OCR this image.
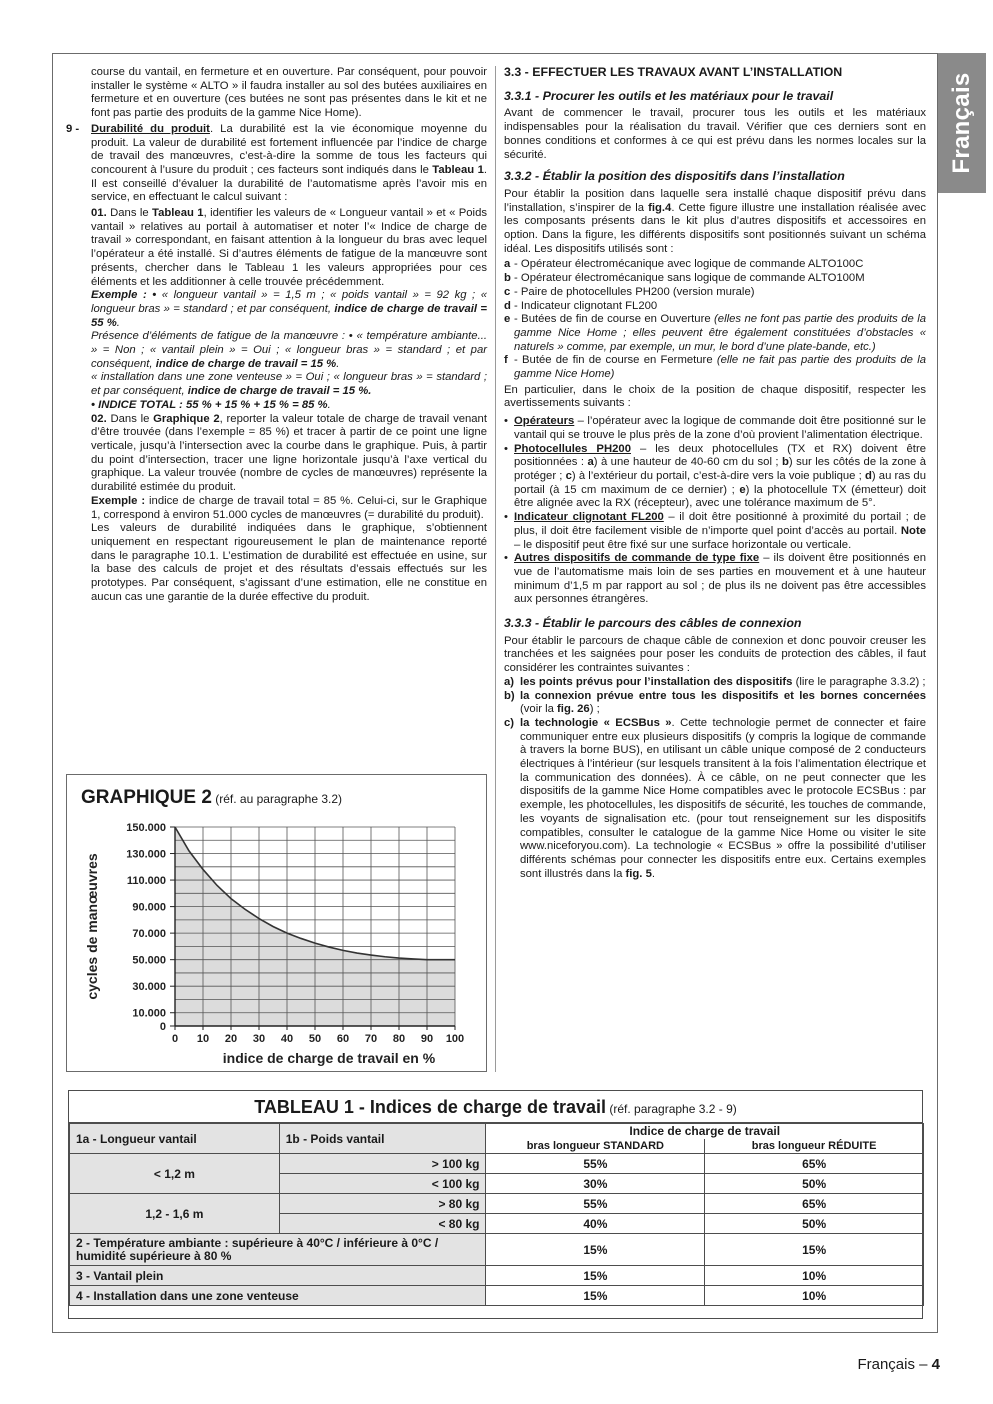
Français

course du vantail, en fermeture et en ouverture. Par conséquent, pour pouvoir installer le système « ALTO » il faudra installer au sol des butées auxiliaires en fermeture et en ouverture (ces butées ne sont pas présentes dans le kit et ne font pas partie des produits de la gamme Nice Home).

9 - Durabilité du produit. La durabilité est la vie économique moyenne du produit. La valeur de durabilité est fortement influencée par l’indice de charge de travail des manœuvres, c’est-à-dire la somme de tous les facteurs qui concourent à l’usure du produit ; ces facteurs sont indiqués dans le Tableau 1. Il est conseillé d’évaluer la durabilité de l’automatisme après l’avoir mis en service, en effectuant le calcul suivant :

01. Dans le Tableau 1, identifier les valeurs de « Longueur vantail » et « Poids vantail » relatives au portail à automatiser et noter l’« Indice de charge de travail » correspondant, en faisant attention à la longueur du bras avec lequel l’opérateur a été installé. Si d’autres éléments de fatigue de la manœuvre sont présents, chercher dans le Tableau 1 les valeurs appropriées pour ces éléments et les additionner à celle trouvée précédemment.

Exemple : • « longueur vantail » = 1,5 m ; « poids vantail » = 92 kg ; « longueur bras » = standard ; et par conséquent, indice de charge de travail = 55 %.

Présence d’éléments de fatigue de la manœuvre : • « température ambiante... » = Non ; « vantail plein » = Oui ; « longueur bras » = standard ; et par conséquent, indice de charge de travail = 15 %.

« installation dans une zone venteuse » = Oui ; « longueur bras » = standard ; et par conséquent, indice de charge de travail = 15 %.

• INDICE TOTAL : 55 % + 15 % + 15 % = 85 %.

02. Dans le Graphique 2, reporter la valeur totale de charge de travail venant d’être trouvée (dans l’exemple = 85 %) et tracer à partir de ce point une ligne verticale, jusqu’à l’intersection avec la courbe dans le graphique. Puis, à partir du point d’intersection, tracer une ligne horizontale jusqu’à l’axe vertical du graphique. La valeur trouvée (nombre de cycles de manœuvres) représente la durabilité estimée du produit.

Exemple : indice de charge de travail total = 85 %. Celui-ci, sur le Graphique 1, correspond à environ 51.000 cycles de manœuvres (= durabilité du produit).

Les valeurs de durabilité indiquées dans le graphique, s’obtiennent uniquement en respectant rigoureusement le plan de maintenance reporté dans le paragraphe 10.1. L’estimation de durabilité est effectuée en usine, sur la base des calculs de projet et des résultats d’essais effectués sur les prototypes. Par conséquent, s’agissant d’une estimation, elle ne constitue en aucun cas une garantie de la durée effective du produit.

GRAPHIQUE 2 (réf. au paragraphe 3.2)
0
10.000
30.000
50.000
70.000
90.000
110.000
130.000
150.000
0 10 20 30 40 50 60 70 80 90 100
indice de charge de travail en %
cycles de manœuvres
3.3 - EFFECTUER LES TRAVAUX AVANT L’INSTALLATION
3.3.1 - Procurer les outils et les matériaux pour le travail

Avant de commencer le travail, procurer tous les outils et les matériaux indispensables pour la réalisation du travail. Vérifier que ces derniers sont en bonnes conditions et conformes à ce qui est prévu dans les normes locales sur la sécurité.

3.3.2 - Établir la position des dispositifs dans l’installation

Pour établir la position dans laquelle sera installé chaque dispositif prévu dans l’installation, s’inspirer de la fig.4. Cette figure illustre une installation réalisée avec les composants présents dans le kit plus d’autres dispositifs et accessoires en option. Dans la figure, les différents dispositifs sont positionnés suivant un schéma idéal. Les dispositifs utilisés sont :

a - Opérateur électromécanique avec logique de commande ALTO100C
b - Opérateur électromécanique sans logique de commande ALTO100M
c - Paire de photocellules PH200 (version murale)
d - Indicateur clignotant FL200
e - Butées de fin de course en Ouverture (elles ne font pas partie des produits de la gamme Nice Home ; elles peuvent être également constituées d’obstacles « naturels » comme, par exemple, un mur, le bord d’une plate-bande, etc.)
f - Butée de fin de course en Fermeture (elle ne fait pas partie des produits de la gamme Nice Home)

En particulier, dans le choix de la position de chaque dispositif, respecter les avertissements suivants :

• Opérateurs – l’opérateur avec la logique de commande doit être positionné sur le vantail qui se trouve le plus près de la zone d’où provient l’alimentation électrique.
• Photocellules PH200 – les deux photocellules (TX et RX) doivent être positionnées : a) à une hauteur de 40-60 cm du sol ; b) sur les côtés de la zone à protéger ; c) à l’extérieur du portail, c’est-à-dire vers la voie publique ; d) au ras du portail (à 15 cm maximum de ce dernier) ; e) la photocellule TX (émetteur) doit être alignée avec la RX (récepteur), avec une tolérance maximum de 5°.
• Indicateur clignotant FL200 – il doit être positionné à proximité du portail ; de plus, il doit être facilement visible de n’importe quel point d’accès au portail. Note – le dispositif peut être fixé sur une surface horizontale ou verticale.
• Autres dispositifs de commande de type fixe – ils doivent être positionnés en vue de l’automatisme mais loin de ses parties en mouvement et à une hauteur minimum d’1,5 m par rapport au sol ; de plus ils ne doivent pas être accessibles aux personnes étrangères.
3.3.3 - Établir le parcours des câbles de connexion

Pour établir le parcours de chaque câble de connexion et donc pouvoir creuser les tranchées et les saignées pour poser les conduits de protection des câbles, il faut considérer les contraintes suivantes :

a) les points prévus pour l’installation des dispositifs (lire le paragraphe 3.3.2) ;
b) la connexion prévue entre tous les dispositifs et les bornes concernées (voir la fig. 26) ;
c) la technologie « ECSBus ». Cette technologie permet de connecter et faire communiquer entre eux plusieurs dispositifs (y compris la logique de commande à travers la borne BUS), en utilisant un câble unique composé de 2 conducteurs électriques à l’intérieur (sur lesquels transitent à la fois l’alimentation électrique et la communication des données). À ce câble, on ne peut connecter que les dispositifs de la gamme Nice Home compatibles avec le protocole ECSBus : par exemple, les photocellules, les dispositifs de sécurité, les touches de commande, les voyants de signalisation etc. (pour tout renseignement sur les dispositifs compatibles, consulter le catalogue de la gamme Nice Home ou visiter le site www.niceforyou.com). La technologie « ECSBus » offre la possibilité d’utiliser différents schémas pour connecter les dispositifs entre eux. Certains exemples sont illustrés dans la fig. 5.
TABLEAU 1 - Indices de charge de travail (réf. paragraphe 3.2 - 9)
1a - Longueur vantail	1b - Poids vantail	Indice de charge de travail	
		bras longueur STANDARD	bras longueur RÉDUITE
< 1,2 m	> 100 kg	55%	65%
	< 100 kg	30%	50%
1,2 - 1,6 m	> 80 kg	55%	65%
	< 80 kg	40%	50%
2 - Température ambiante : supérieure à 40°C / inférieure à 0°C / humidité supérieure à 80 %		15%	15%
3 - Vantail plein		15%	10%
4 - Installation dans une zone venteuse		15%	10%
Français – 4
